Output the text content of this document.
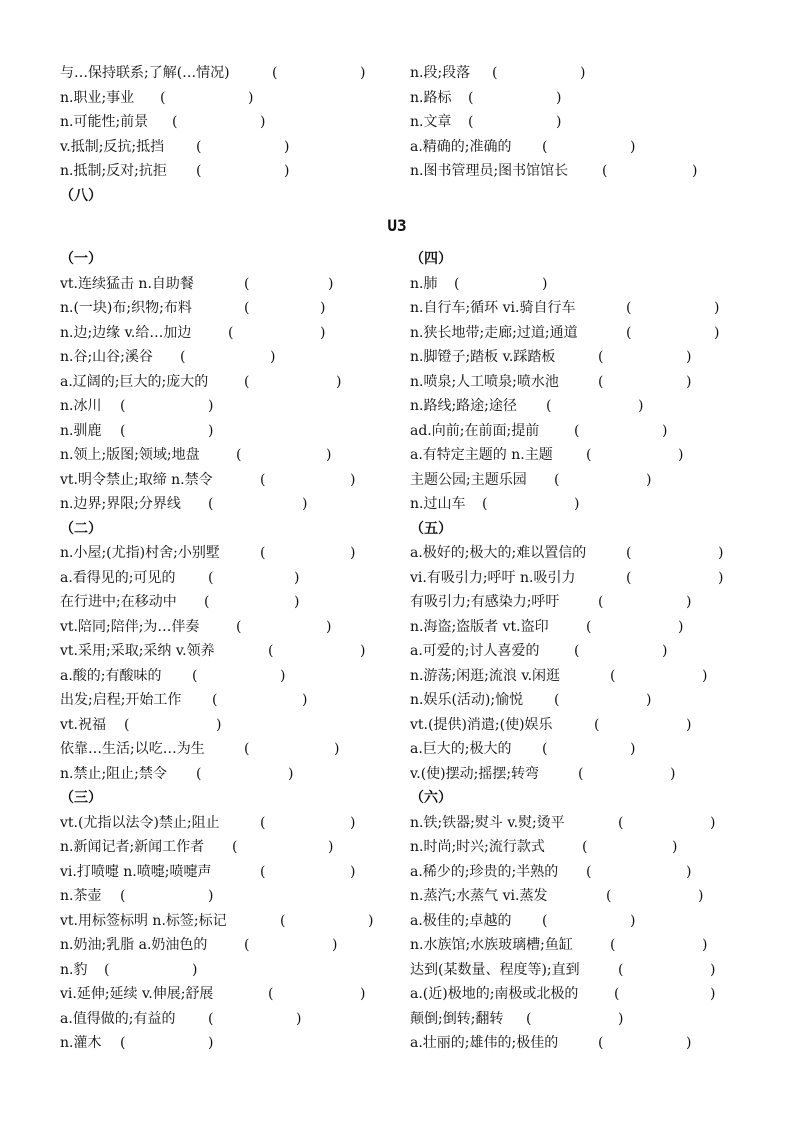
与…保持联系;了解(…情况)	(	)
n.职业;事业 (	)
n.可能性;前景 (	)
v.抵制;反抗;抵挡 (	)
n.抵制;反对;抗拒 (	)
（八）
n.段;段落 (	)
n.路标 (	)
n.文章 (	)
a.精确的;准确的 (	)
n.图书管理员;图书馆馆长 (	)
U3
（一）
vt.连续猛击 n.自助餐	(	)
n.(一块)布;织物;布料	(	)
n.边;边缘 v.给…加边	(	)
n.谷;山谷;溪谷 (	)
a.辽阔的;巨大的;庞大的	(	)
n.冰川 (	)
n.驯鹿 (	)
n.领上;版图;领域;地盘	(	)
vt.明令禁止;取缔 n.禁令	(	)
n.边界;界限;分界线 (	)
（二）
n.小屋;(尤指)村舍;小别墅	(	)
a.看得见的;可见的 (	)
在行进中;在移动中 (	)
vt.陪同;陪伴;为…伴奏	(	)
vt.采用;采取;采纳 v.领养	(	)
a.酸的;有酸味的 (	)
出发;启程;开始工作 (	)
vt.祝福 (	)
依靠…生活;以吃…为生	(	)
n.禁止;阻止;禁令 (	)
（三）
vt.(尤指以法令)禁止;阻止	(	)
n.新闻记者;新闻工作者 (	)
vi.打喷嚏 n.喷嚏;喷嚏声	(	)
n.茶壶 (	)
vt.用标签标明 n.标签;标记	(	)
n.奶油;乳脂 a.奶油色的	(	)
n.豹 (	)
vi.延伸;延续 v.伸展;舒展	(	)
a.值得做的;有益的 (	)
n.灌木 (	)
（四）
n.肺 (	)
n.自行车;循环 vi.骑自行车	(	)
n.狭长地带;走廊;过道;通道	(	)
n.脚镫子;踏板 v.踩踏板	(	)
n.喷泉;人工喷泉;喷水池	(	)
n.路线;路途;途径 (	)
ad.向前;在前面;提前 (	)
a.有特定主题的 n.主题 (	)
主题公园;主题乐园 (	)
n.过山车 (	)
（五）
a.极好的;极大的;难以置信的	(	)
vi.有吸引力;呼吁 n.吸引力	(	)
有吸引力;有感染力;呼吁	(	)
n.海盗;盗版者 vt.盗印	(	)
a.可爱的;讨人喜爱的 (	)
n.游荡;闲逛;流浪 v.闲逛	(	)
n.娱乐(活动);愉悦 (	)
vt.(提供)消遣;(使)娱乐	(	)
a.巨大的;极大的 (	)
v.(使)摆动;摇摆;转弯	(	)
（六）
n.铁;铁器;熨斗 v.熨;烫平	(	)
n.时尚;时兴;流行款式	(	)
a.稀少的;珍贵的;半熟的 (	)
n.蒸汽;水蒸气 vi.蒸发	(	)
a.极佳的;卓越的 (	)
n.水族馆;水族玻璃槽;鱼缸	(	)
达到(某数量、程度等);直到	(	)
a.(近)极地的;南极或北极的	(	)
颠倒;倒转;翻转 (	)
a.壮丽的;雄伟的;极佳的	(	)
